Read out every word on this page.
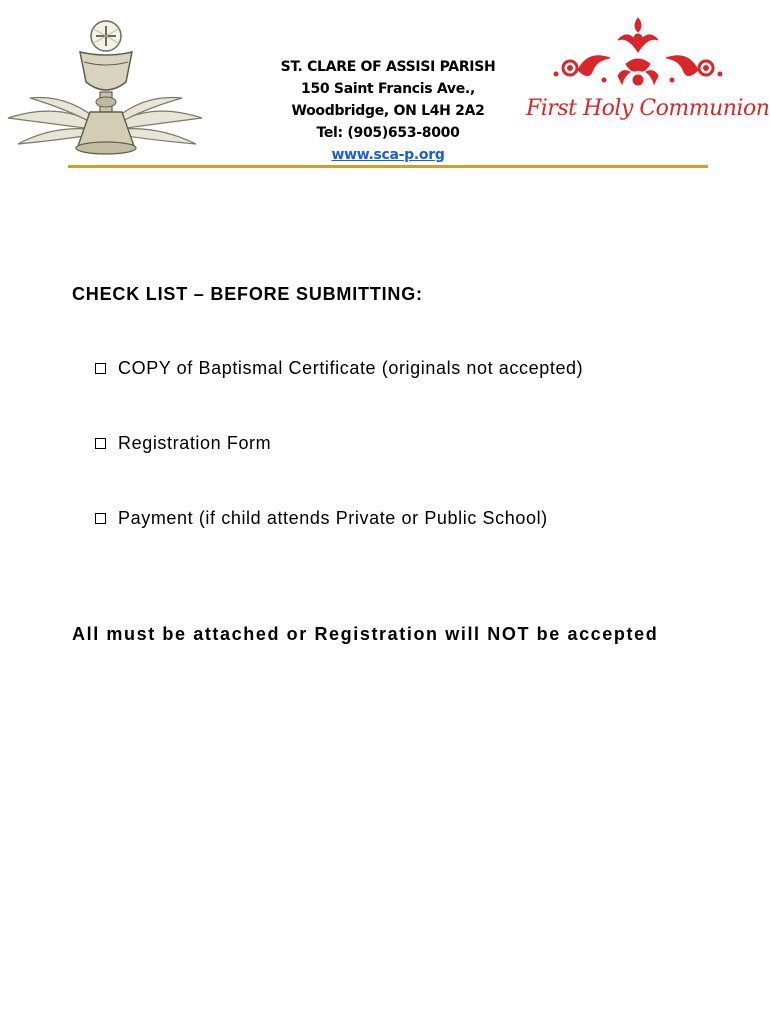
ST. CLARE OF ASSISI PARISH
150 Saint Francis Ave.,
Woodbridge, ON L4H 2A2
Tel: (905)653-8000
www.sca-p.org
First Holy Communion
CHECK LIST – BEFORE SUBMITTING:
COPY of Baptismal Certificate (originals not accepted)
Registration Form
Payment (if child attends Private or Public School)
All must be attached or Registration will NOT be accepted
